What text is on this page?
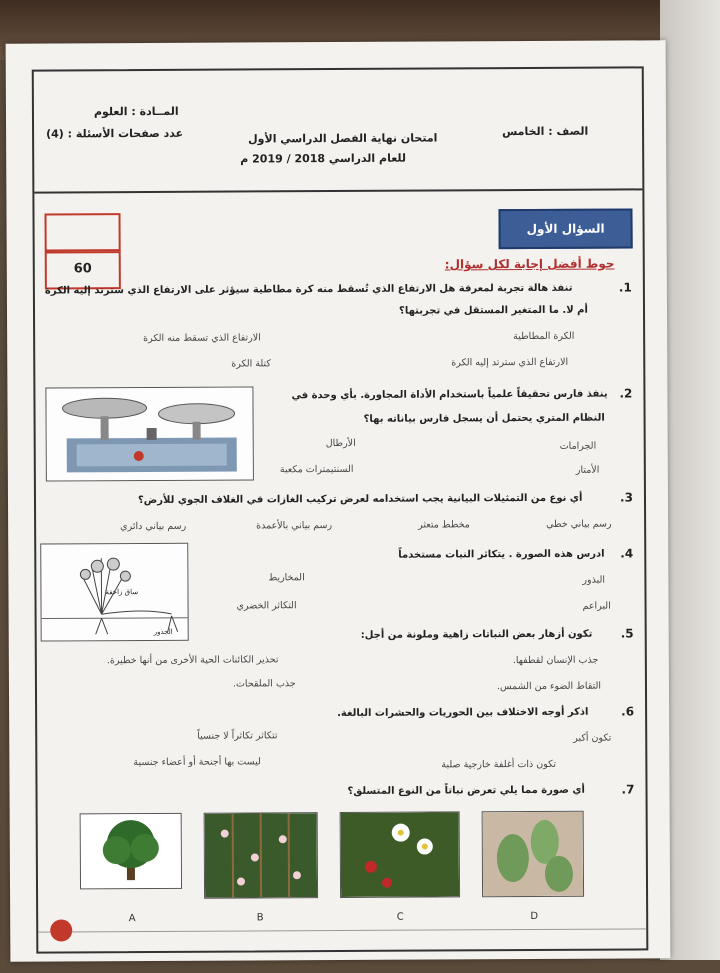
المــادة : العلوم
عدد صفحات الأسئلة : (4)	امتحان نهاية الفصل الدراسي الأول
للعام الدراسي 2018 / 2019 م
الصف : الخامس
60
السؤال الأول
حوط أفضل إجابة لكل سؤال:
1.
تنفذ هالة تجربة لمعرفة هل الارتفاع الذي تُسقط منه كرة مطاطية سيؤثر على الارتفاع الذي سترتد إليه الكرة
أم لا. ما المتغير المستقل في تجربتها؟
الكرة المطاطية
الارتفاع الذي تسقط منه الكرة
الارتفاع الذي سترتد إليه الكرة
كتلة الكرة
2.
ينفذ فارس تحقيقاً علمياً باستخدام الأداة المجاورة. بأي وحدة في
النظام المتري يحتمل أن يسجل فارس بياناته بها؟
الجرامات
الأرطال
الأمتار
السنتيمترات مكعبة
3.
أي نوع من التمثيلات البيانية يجب استخدامه لعرض تركيب الغازات في الغلاف الجوي للأرض؟
رسم بياني خطي
مخطط متعثر
رسم بياني بالأعمدة
رسم بياني دائري
ساق زاحفة
الجذور
4.
ادرس هذه الصورة . يتكاثر النبات مستخدماً
البذور
المخاريط
البراعم
التكاثر الخضري
5.
تكون أزهار بعض النباتات زاهية وملونة من أجل:
جذب الإنسان لقطفها.
تحذير الكائنات الحية الأخرى من أنها خطيرة.
التقاط الضوء من الشمس.
جذب الملقحات.
6.
اذكر أوجه الاختلاف بين الحوريات والحشرات البالغة.
تكون أكبر
تتكاثر تكاثراً لا جنسياً
تكون ذات أغلفة خارجية صلبة
ليست بها أجنحة أو أعضاء جنسية
7.
أي صورة مما يلي تعرض نباتاً من النوع المتسلق؟
A	B	C	D
